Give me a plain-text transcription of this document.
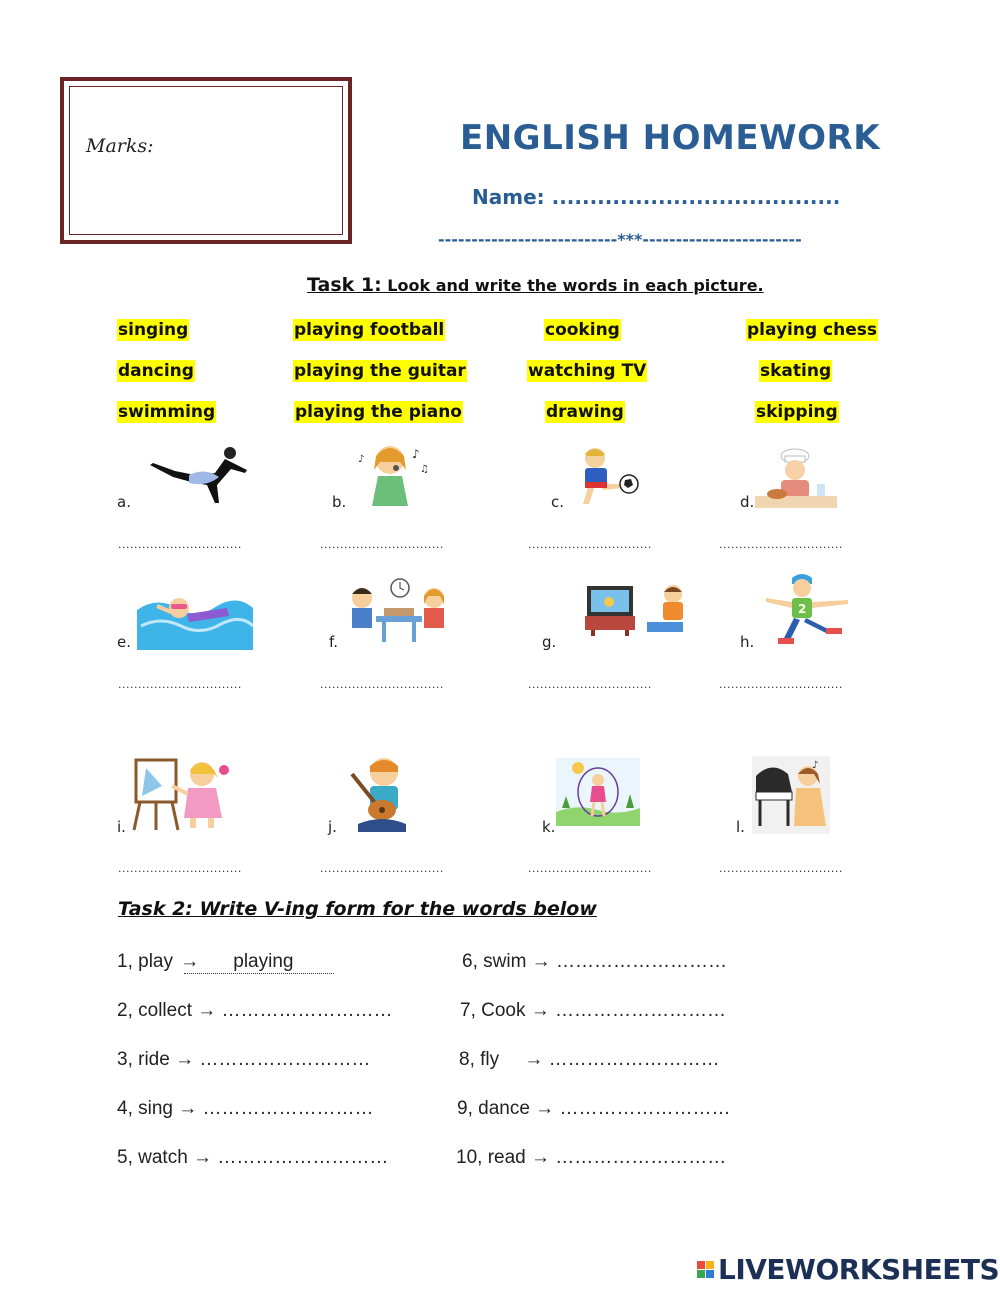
Marks:	ENGLISH HOMEWORK
Name: ......................................
---------------------------***------------------------
Task 1: Look and write the words in each picture.
singing	playing football	cooking	playing chess
dancing	playing the guitar	watching TV	skating
swimming	playing the piano	drawing	skipping
♪
♫
♪
a.	b.	c.	d.
...............................	...............................	...............................	...............................
2
e.	f.	g.	h.
...............................	...............................	...............................	...............................
♪
i.	j.	k.	l.
...............................	...............................	...............................	...............................
Task 2: Write V-ing form for the words below
1, play → playing	6, swim → ………………………
2, collect → ………………………	7, Cook → ………………………
3, ride → ………………………	8, fly → ………………………
4, sing → ………………………	9, dance → ………………………
5, watch → ………………………	10, read → ………………………
LIVEWORKSHEETS
